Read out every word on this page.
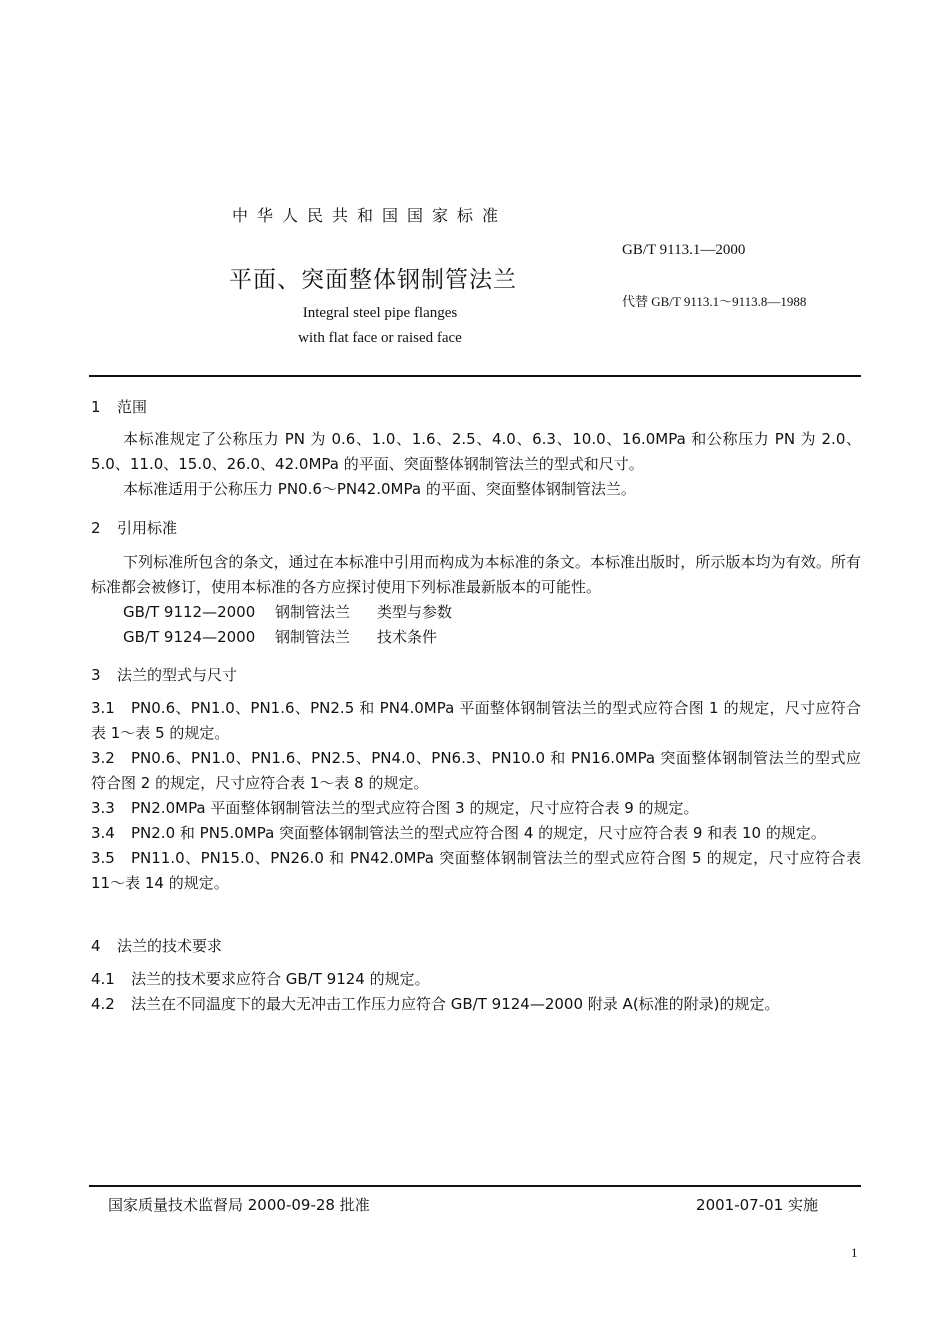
中华人民共和国国家标准
平面、突面整体钢制管法兰
Integral steel pipe flanges
with flat face or raised face
GB/T 9113.1—2000
代替 GB/T 9113.1～9113.8—1988
1 范围

本标准规定了公称压力 PN 为 0.6、1.0、1.6、2.5、4.0、6.3、10.0、16.0MPa 和公称压力 PN 为 2.0、5.0、11.0、15.0、26.0、42.0MPa 的平面、突面整体钢制管法兰的型式和尺寸。

本标准适用于公称压力 PN0.6～PN42.0MPa 的平面、突面整体钢制管法兰。

2 引用标准

下列标准所包含的条文，通过在本标准中引用而构成为本标准的条文。本标准出版时，所示版本均为有效。所有标准都会被修订，使用本标准的各方应探讨使用下列标准最新版本的可能性。

GB/T 9112—2000 钢制管法兰 类型与参数

GB/T 9124—2000 钢制管法兰 技术条件

3 法兰的型式与尺寸

3.1 PN0.6、PN1.0、PN1.6、PN2.5 和 PN4.0MPa 平面整体钢制管法兰的型式应符合图 1 的规定，尺寸应符合表 1～表 5 的规定。

3.2 PN0.6、PN1.0、PN1.6、PN2.5、PN4.0、PN6.3、PN10.0 和 PN16.0MPa 突面整体钢制管法兰的型式应符合图 2 的规定，尺寸应符合表 1～表 8 的规定。

3.3 PN2.0MPa 平面整体钢制管法兰的型式应符合图 3 的规定，尺寸应符合表 9 的规定。

3.4 PN2.0 和 PN5.0MPa 突面整体钢制管法兰的型式应符合图 4 的规定，尺寸应符合表 9 和表 10 的规定。

3.5 PN11.0、PN15.0、PN26.0 和 PN42.0MPa 突面整体钢制管法兰的型式应符合图 5 的规定，尺寸应符合表 11～表 14 的规定。

4 法兰的技术要求

4.1 法兰的技术要求应符合 GB/T 9124 的规定。

4.2 法兰在不同温度下的最大无冲击工作压力应符合 GB/T 9124—2000 附录 A(标准的附录)的规定。

国家质量技术监督局 2000-09-28 批准	2001-07-01 实施
1
